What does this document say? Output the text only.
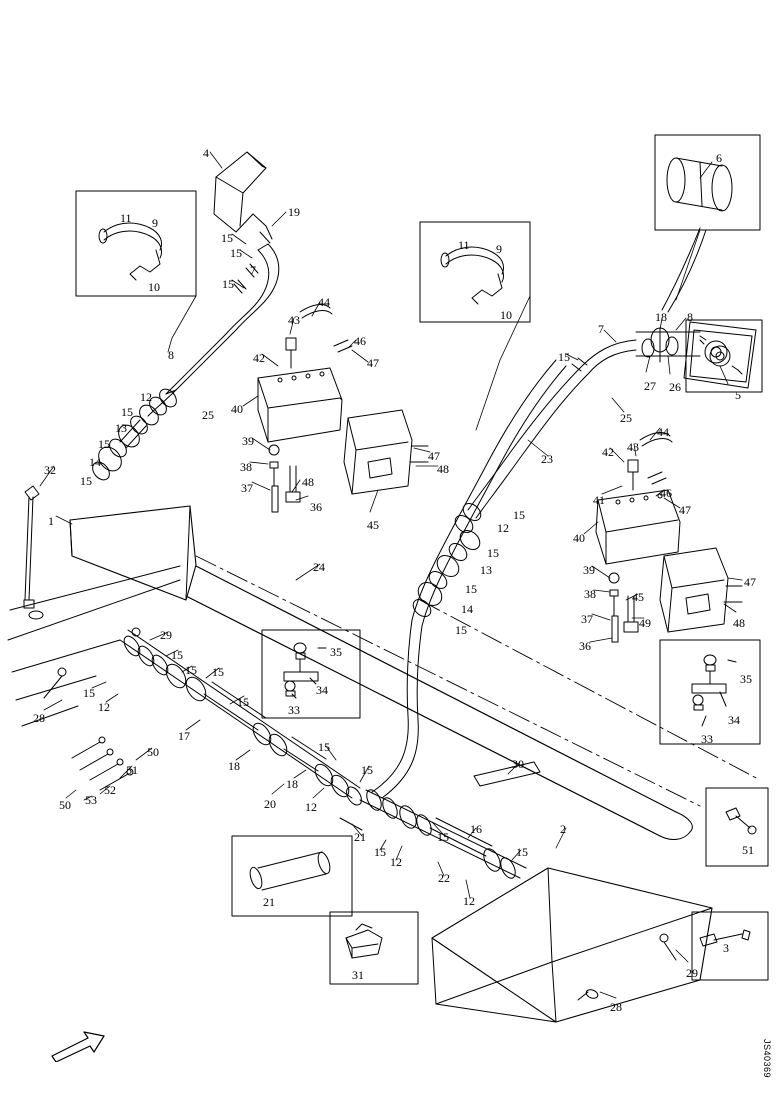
4
19
15
15
7
15
11 9
10
8
44
43
46
42	47
40
12
15
13
15
14
15
25
39
38
37	48
36
45
47
48
32
1
24
11 9
10
6
18 8
7
15
27 26
5
25
23
44
43
42
41	46
47
40
39
38
37
36
45
49
47
48
15
12
15
13
15
14
15
29
15
15 15
15
15
12
28
17
18
18
20 12
15
15
50
51
52
53
50
35
34
33
30
35
34
33
21
15
12
22
12
15
16
15
2
21
31
51
3
29
28
JS40369
